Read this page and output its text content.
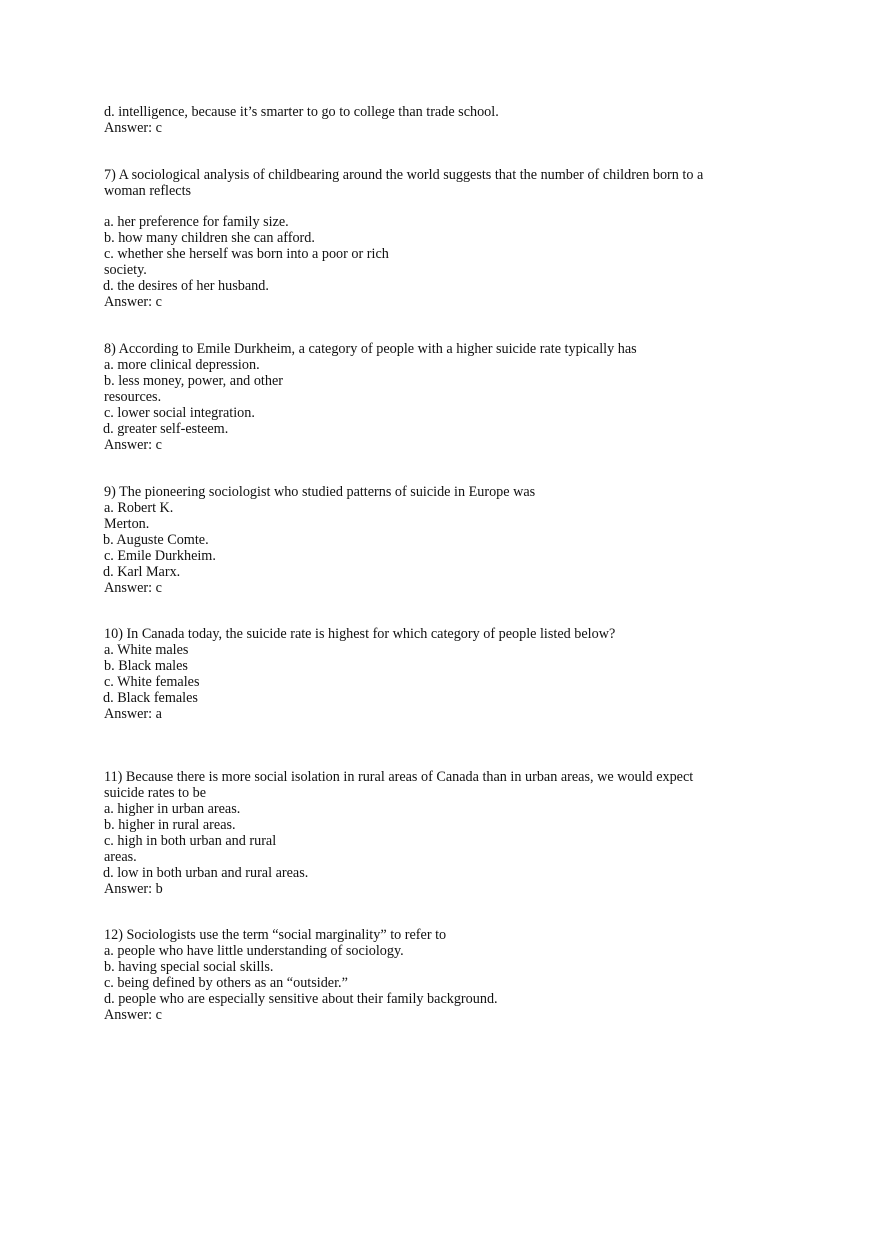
d. intelligence, because it’s smarter to go to college than trade school.
Answer: c
7) A sociological analysis of childbearing around the world suggests that the number of children born to a
woman reflects
a. her preference for family size.
b. how many children she can afford.
c. whether she herself was born into a poor or rich
society.
d. the desires of her husband.
Answer: c
8) According to Emile Durkheim, a category of people with a higher suicide rate typically has
a. more clinical depression.
b. less money, power, and other
resources.
c. lower social integration.
d. greater self-esteem.
Answer: c
9) The pioneering sociologist who studied patterns of suicide in Europe was
a. Robert K.
Merton.
b. Auguste Comte.
c. Emile Durkheim.
d. Karl Marx.
Answer: c
10) In Canada today, the suicide rate is highest for which category of people listed below?
a. White males
b. Black males
c. White females
d. Black females
Answer: a
11) Because there is more social isolation in rural areas of Canada than in urban areas, we would expect
suicide rates to be
a. higher in urban areas.
b. higher in rural areas.
c. high in both urban and rural
areas.
d. low in both urban and rural areas.
Answer: b
12) Sociologists use the term “social marginality” to refer to
a. people who have little understanding of sociology.
b. having special social skills.
c. being defined by others as an “outsider.”
d. people who are especially sensitive about their family background.
Answer: c
